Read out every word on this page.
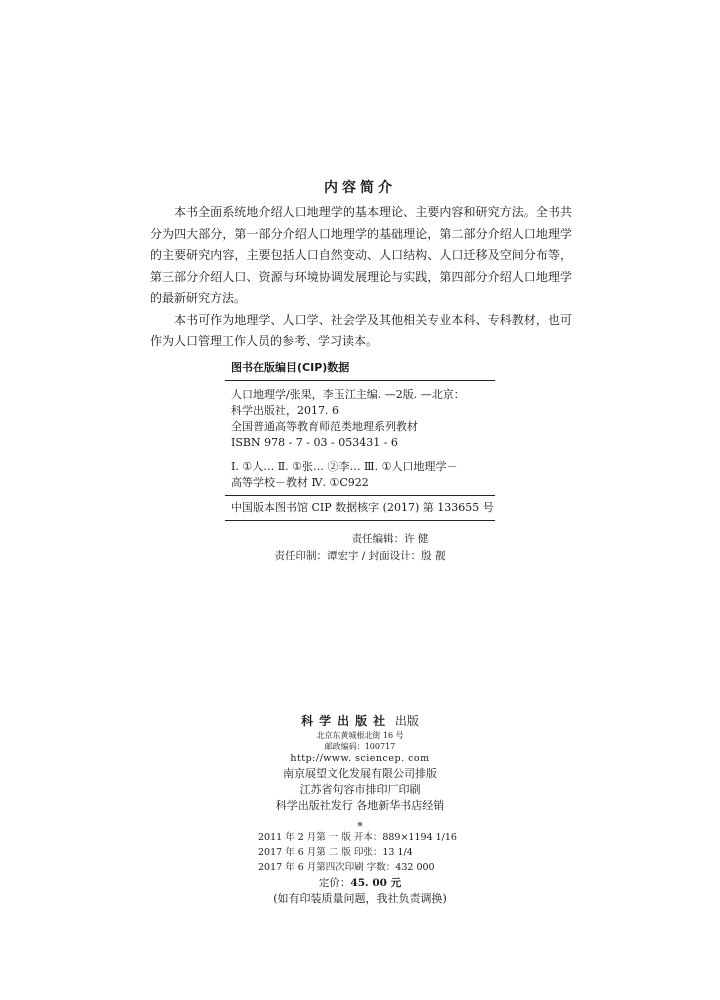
内容简介

本书全面系统地介绍人口地理学的基本理论、主要内容和研究方法。全书共分为四大部分，第一部分介绍人口地理学的基础理论，第二部分介绍人口地理学的主要研究内容，主要包括人口自然变动、人口结构、人口迁移及空间分布等，第三部分介绍人口、资源与环境协调发展理论与实践，第四部分介绍人口地理学的最新研究方法。

本书可作为地理学、人口学、社会学及其他相关专业本科、专科教材，也可作为人口管理工作人员的参考、学习读本。

图书在版编目(CIP)数据
人口地理学/张果，李玉江主编. —2版. —北京：
科学出版社，2017. 6
全国普通高等教育师范类地理系列教材
ISBN 978 - 7 - 03 - 053431 - 6
Ⅰ. ①人… Ⅱ. ①张… ②李… Ⅲ. ①人口地理学－
高等学校－教材 Ⅳ. ①C922
中国版本图书馆 CIP 数据核字 (2017) 第 133655 号
责任编辑：许 健
责任印制：谭宏宇 / 封面设计：殷 靓
科学出版社 出版
北京东黄城根北街 16 号
邮政编码：100717
http://www. sciencep. com
南京展望文化发展有限公司排版
江苏省句容市排印厂印刷
科学出版社发行 各地新华书店经销
*
2011 年 2 月第 一 版 开本：889×1194 1/16
2017 年 6 月第 二 版 印张：13 1/4
2017 年 6 月第四次印刷 字数：432 000
定价：45. 00 元
(如有印装质量问题，我社负责调换)
